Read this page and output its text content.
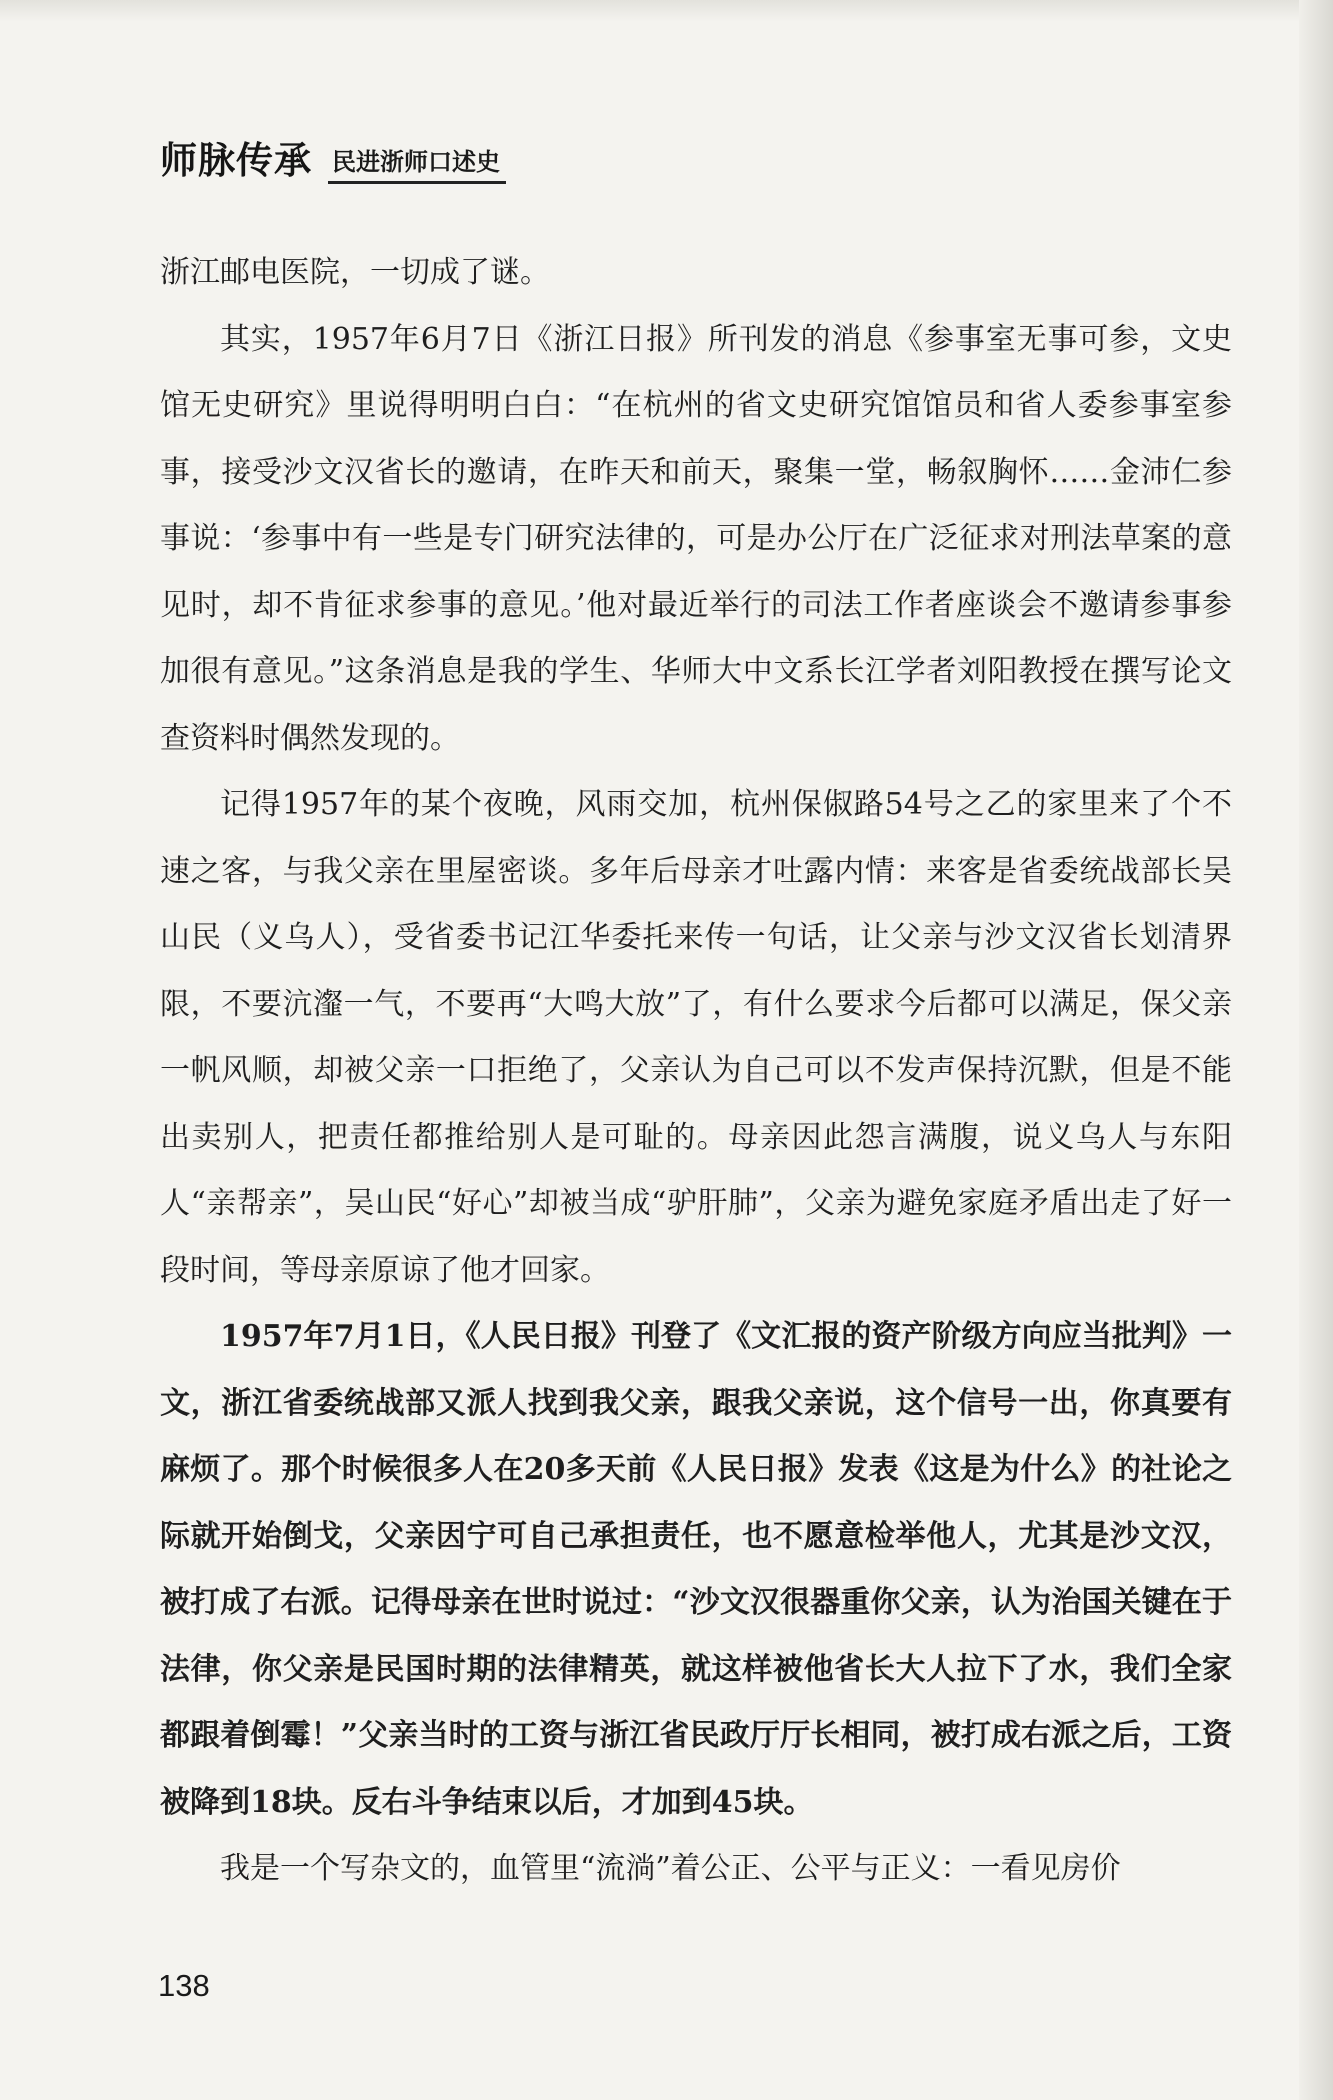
师脉传承 民进浙师口述史

浙江邮电医院，一切成了谜。

其实，1957年6月7日《浙江日报》所刊发的消息《参事室无事可参，文史馆无史研究》里说得明明白白：“在杭州的省文史研究馆馆员和省人委参事室参事，接受沙文汉省长的邀请，在昨天和前天，聚集一堂，畅叙胸怀……金沛仁参事说：‘参事中有一些是专门研究法律的，可是办公厅在广泛征求对刑法草案的意见时，却不肯征求参事的意见。’他对最近举行的司法工作者座谈会不邀请参事参加很有意见。”这条消息是我的学生、华师大中文系长江学者刘阳教授在撰写论文查资料时偶然发现的。

记得1957年的某个夜晚，风雨交加，杭州保俶路54号之乙的家里来了个不速之客，与我父亲在里屋密谈。多年后母亲才吐露内情：来客是省委统战部长吴山民（义乌人），受省委书记江华委托来传一句话，让父亲与沙文汉省长划清界限，不要沆瀣一气，不要再“大鸣大放”了，有什么要求今后都可以满足，保父亲一帆风顺，却被父亲一口拒绝了，父亲认为自己可以不发声保持沉默，但是不能出卖别人，把责任都推给别人是可耻的。母亲因此怨言满腹，说义乌人与东阳人“亲帮亲”，吴山民“好心”却被当成“驴肝肺”，父亲为避免家庭矛盾出走了好一段时间，等母亲原谅了他才回家。

1957年7月1日，《人民日报》刊登了《文汇报的资产阶级方向应当批判》一文，浙江省委统战部又派人找到我父亲，跟我父亲说，这个信号一出，你真要有麻烦了。那个时候很多人在20多天前《人民日报》发表《这是为什么》的社论之际就开始倒戈，父亲因宁可自己承担责任，也不愿意检举他人，尤其是沙文汉，被打成了右派。记得母亲在世时说过：“沙文汉很器重你父亲，认为治国关键在于法律，你父亲是民国时期的法律精英，就这样被他省长大人拉下了水，我们全家都跟着倒霉！”父亲当时的工资与浙江省民政厅厅长相同，被打成右派之后，工资被降到18块。反右斗争结束以后，才加到45块。

我是一个写杂文的，血管里“流淌”着公正、公平与正义：一看见房价

138
